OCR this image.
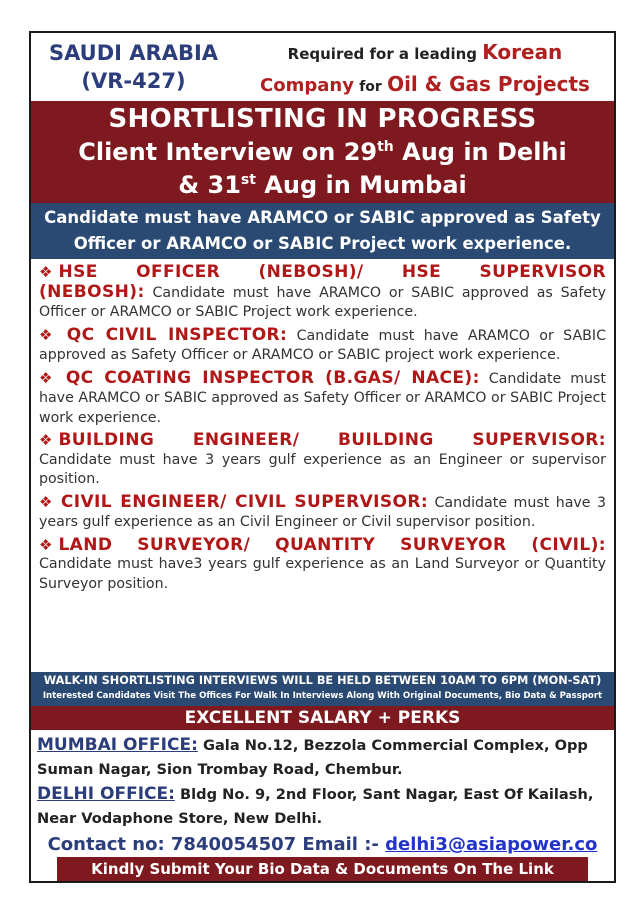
SAUDI ARABIA
(VR-427)
Required for a leading Korean
Company for Oil & Gas Projects
SHORTLISTING IN PROGRESS
Client Interview on 29th Aug in Delhi
& 31st Aug in Mumbai
Candidate must have ARAMCO or SABIC approved as Safety Officer or ARAMCO or SABIC Project work experience.
❖ HSE OFFICER (NEBOSH)/ HSE SUPERVISOR
(NEBOSH): Candidate must have ARAMCO or SABIC approved as Safety Officer or ARAMCO or SABIC Project work experience.
❖ QC CIVIL INSPECTOR: Candidate must have ARAMCO or SABIC approved as Safety Officer or ARAMCO or SABIC project work experience.
❖ QC COATING INSPECTOR (B.GAS/ NACE): Candidate must have ARAMCO or SABIC approved as Safety Officer or ARAMCO or SABIC Project work experience.
❖ BUILDING ENGINEER/ BUILDING SUPERVISOR:
Candidate must have 3 years gulf experience as an Engineer or supervisor position.
❖ CIVIL ENGINEER/ CIVIL SUPERVISOR: Candidate must have 3 years gulf experience as an Civil Engineer or Civil supervisor position.
❖ LAND SURVEYOR/ QUANTITY SURVEYOR (CIVIL):
Candidate must have3 years gulf experience as an Land Surveyor or Quantity Surveyor position.
WALK-IN SHORTLISTING INTERVIEWS WILL BE HELD BETWEEN 10AM TO 6PM (MON-SAT)
Interested Candidates Visit The Offices For Walk In Interviews Along With Original Documents, Bio Data & Passport
EXCELLENT SALARY + PERKS
MUMBAI OFFICE: Gala No.12, Bezzola Commercial Complex, Opp Suman Nagar, Sion Trombay Road, Chembur.
DELHI OFFICE: Bldg No. 9, 2nd Floor, Sant Nagar, East Of Kailash, Near Vodaphone Store, New Delhi.
Contact no: 7840054507 Email :- delhi3@asiapower.co
Kindly Submit Your Bio Data & Documents On The Link Provided!
